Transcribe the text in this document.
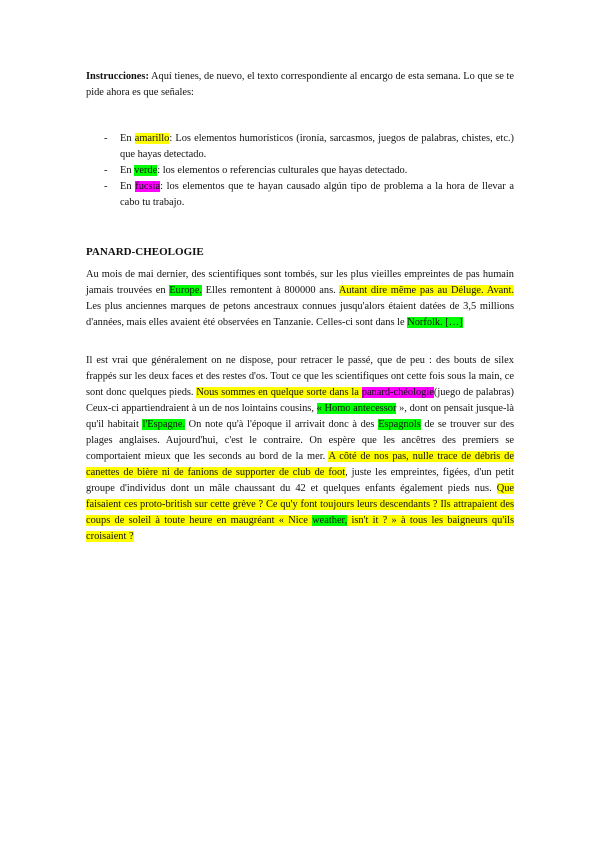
Instrucciones: Aquí tienes, de nuevo, el texto correspondiente al encargo de esta semana. Lo que se te pide ahora es que señales:
- En amarillo: Los elementos humorísticos (ironía, sarcasmos, juegos de palabras, chistes, etc.) que hayas detectado.
- En verde: los elementos o referencias culturales que hayas detectado.
- En fucsia: los elementos que te hayan causado algún tipo de problema a la hora de llevar a cabo tu trabajo.
PANARD-CHEOLOGIE
Au mois de mai dernier, des scientifiques sont tombés, sur les plus vieilles empreintes de pas humain jamais trouvées en Europe. Elles remontent à 800000 ans. Autant dire même pas au Déluge. Avant. Les plus anciennes marques de petons ancestraux connues jusqu'alors étaient datées de 3,5 millions d'années, mais elles avaient été observées en Tanzanie. Celles-ci sont dans le Norfolk. […]
Il est vrai que généralement on ne dispose, pour retracer le passé, que de peu : des bouts de silex frappés sur les deux faces et des restes d'os. Tout ce que les scientifiques ont cette fois sous la main, ce sont donc quelques pieds. Nous sommes en quelque sorte dans la panard-chéologie(juego de palabras) Ceux-ci appartiendraient à un de nos lointains cousins, « Homo antecessor », dont on pensait jusque-là qu'il habitait l'Espagne. On note qu'à l'époque il arrivait donc à des Espagnols de se trouver sur des plages anglaises. Aujourd'hui, c'est le contraire. On espère que les ancêtres des premiers se comportaient mieux que les seconds au bord de la mer. A côté de nos pas, nulle trace de débris de canettes de bière ni de fanions de supporter de club de foot, juste les empreintes, figées, d'un petit groupe d'individus dont un mâle chaussant du 42 et quelques enfants également pieds nus. Que faisaient ces proto-british sur cette grève ? Ce qu'y font toujours leurs descendants ? Ils attrapaient des coups de soleil à toute heure en maugréant « Nice weather, isn't it ? » à tous les baigneurs qu'ils croisaient ?
